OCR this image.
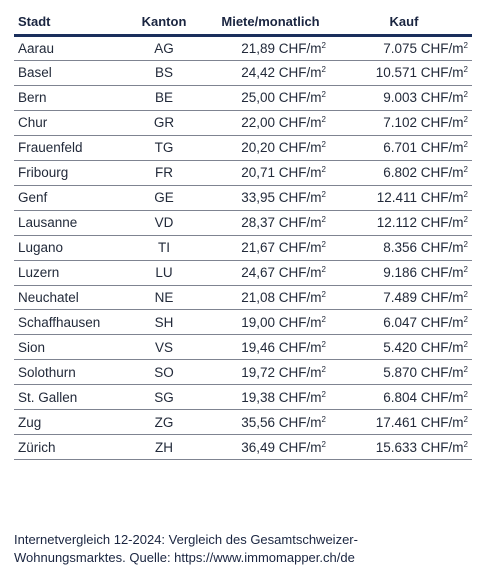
Stadt	Kanton	Miete/monatlich	Kauf
Aarau	AG	21,89 CHF/$m^2$	7.075 CHF/$m^2$
Basel	BS	24,42 CHF/$m^2$	10.571 CHF/$m^2$
Bern	BE	25,00 CHF/$m^2$	9.003 CHF/$m^2$
Chur	GR	22,00 CHF/$m^2$	7.102 CHF/$m^2$
Frauenfeld	TG	20,20 CHF/$m^2$	6.701 CHF/$m^2$
Fribourg	FR	20,71 CHF/$m^2$	6.802 CHF/$m^2$
Genf	GE	33,95 CHF/$m^2$	12.411 CHF/$m^2$
Lausanne	VD	28,37 CHF/$m^2$	12.112 CHF/$m^2$
Lugano	TI	21,67 CHF/$m^2$	8.356 CHF/$m^2$
Luzern	LU	24,67 CHF/$m^2$	9.186 CHF/$m^2$
Neuchatel	NE	21,08 CHF/$m^2$	7.489 CHF/$m^2$
Schaffhausen	SH	19,00 CHF/$m^2$	6.047 CHF/$m^2$
Sion	VS	19,46 CHF/$m^2$	5.420 CHF/$m^2$
Solothurn	SO	19,72 CHF/$m^2$	5.870 CHF/$m^2$
St. Gallen	SG	19,38 CHF/$m^2$	6.804 CHF/$m^2$
Zug	ZG	35,56 CHF/$m^2$	17.461 CHF/$m^2$
Zürich	ZH	36,49 CHF/$m^2$	15.633 CHF/$m^2$
Internetvergleich 12-2024: Vergleich des Gesamtschweizer-
Wohnungsmarktes. Quelle: https://www.immomapper.ch/de
